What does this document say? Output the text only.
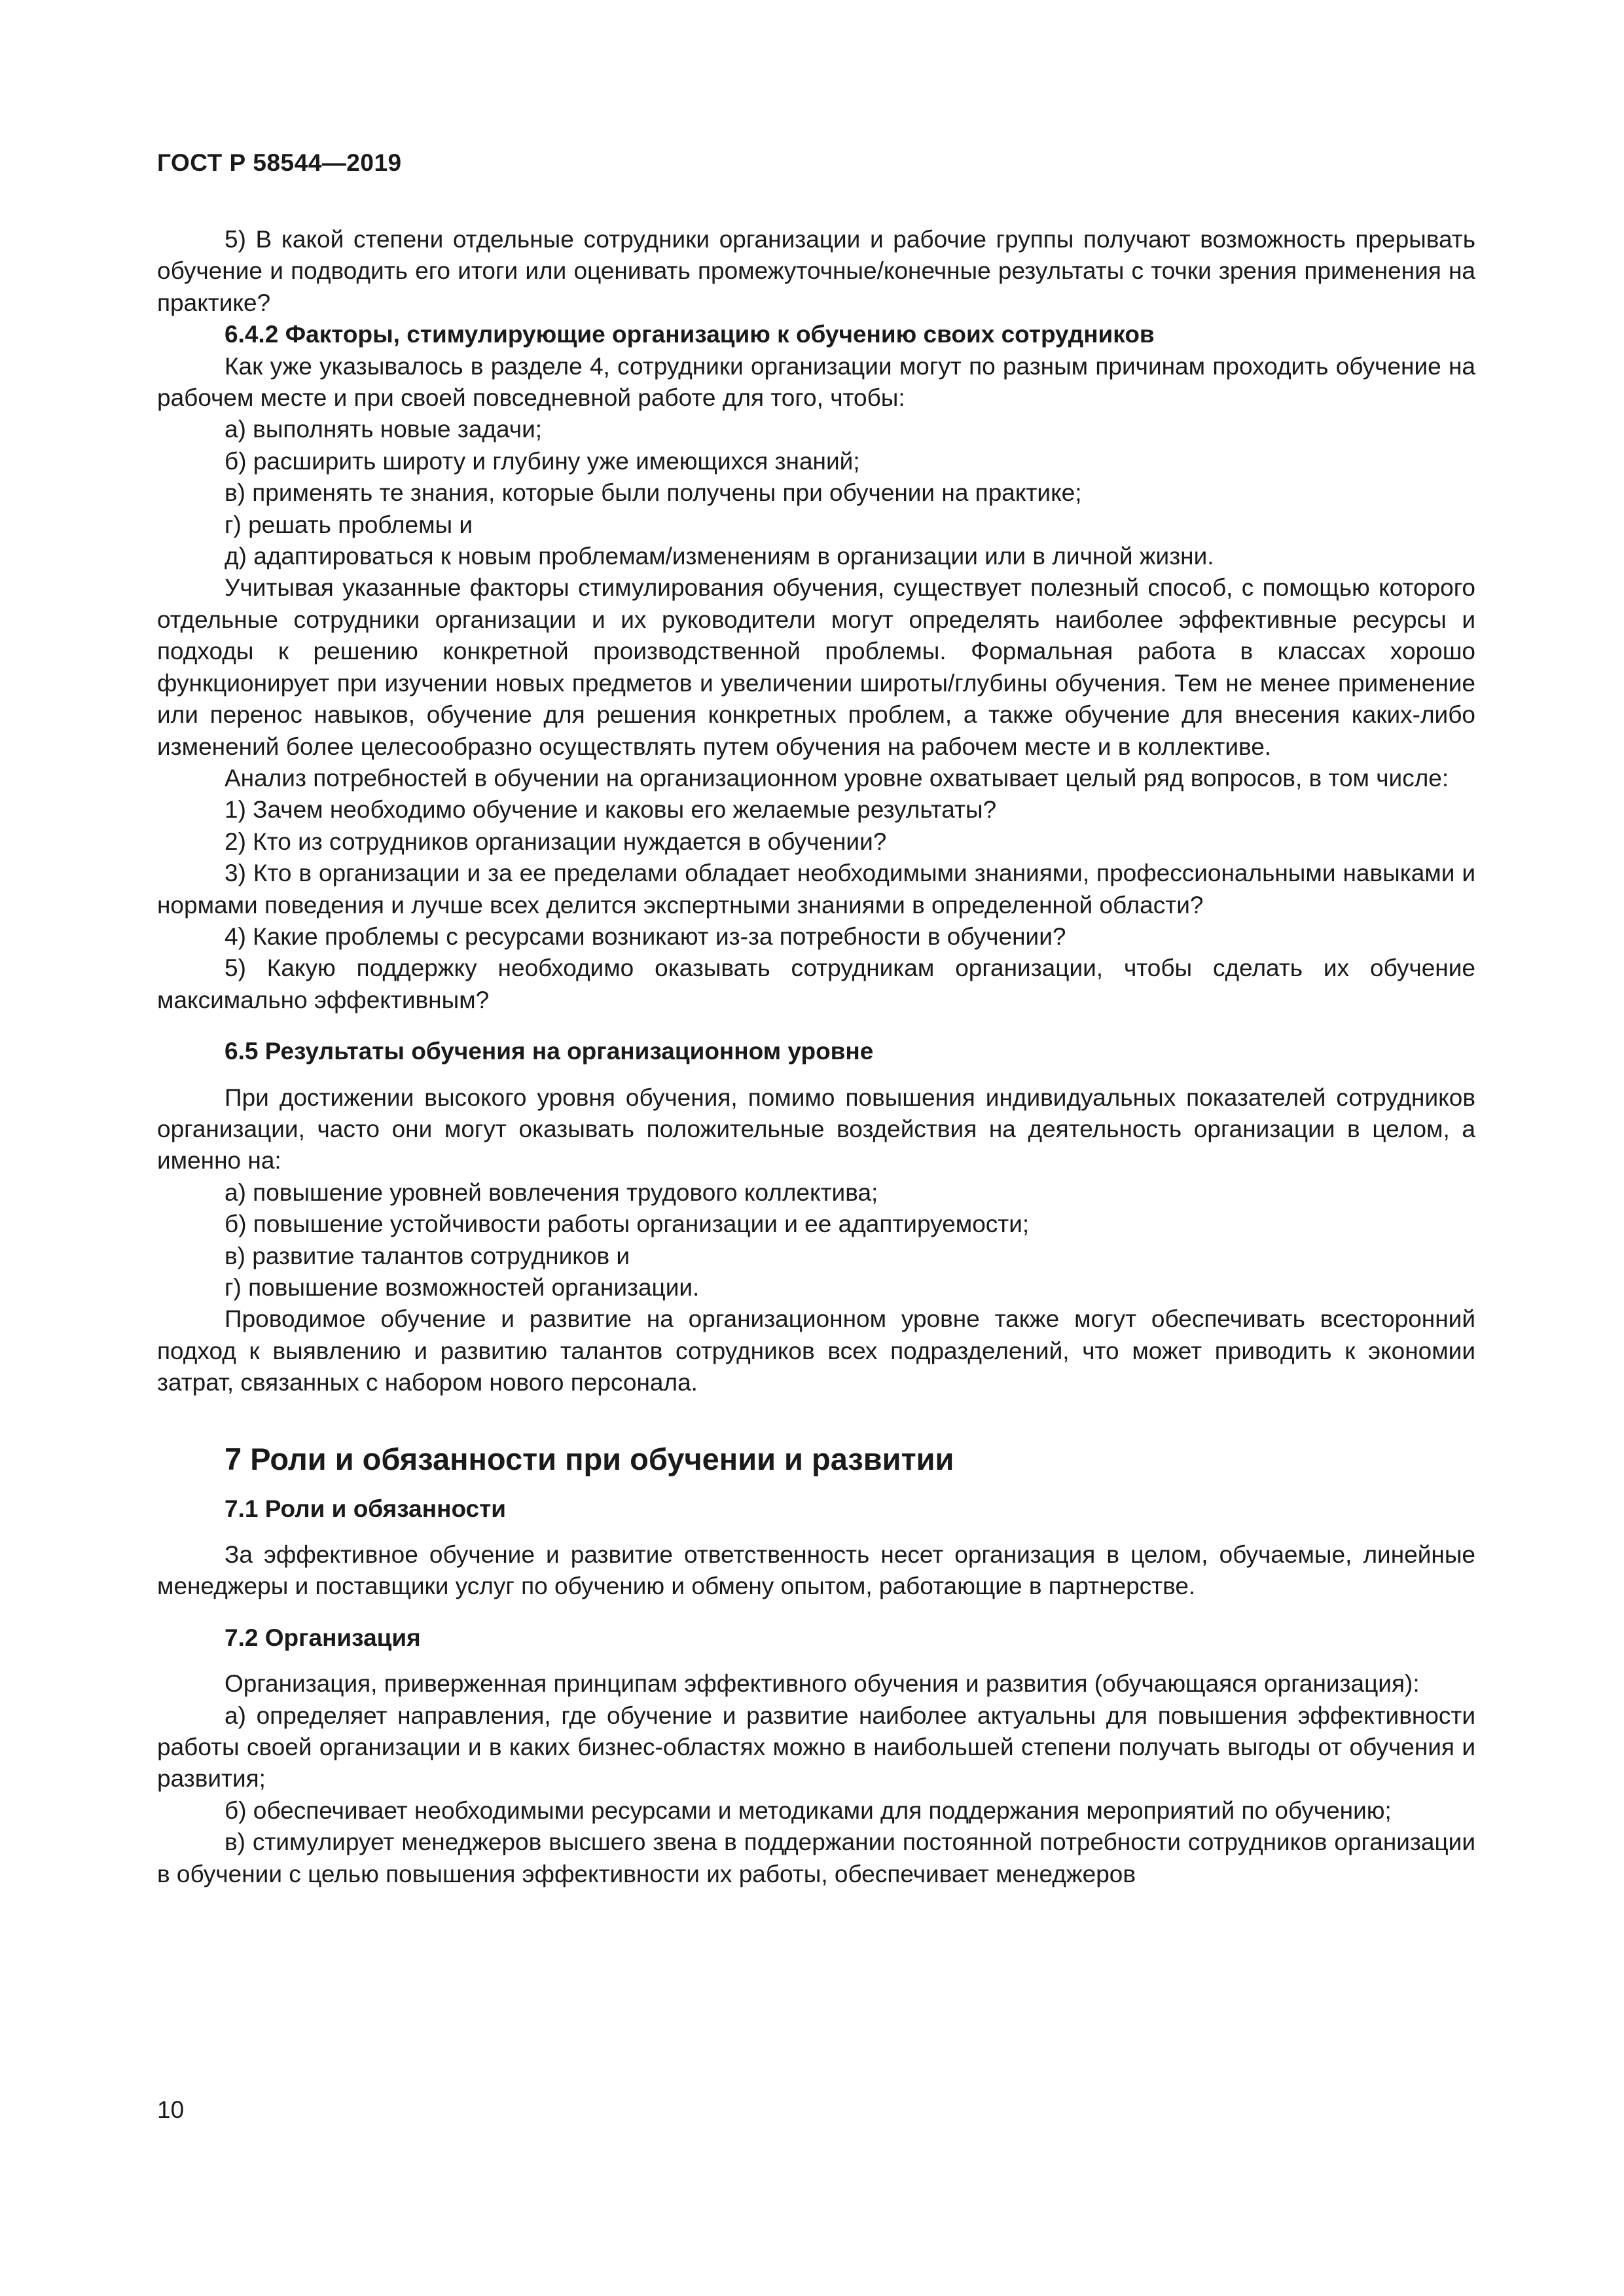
ГОСТ Р 58544—2019

5) В какой степени отдельные сотрудники организации и рабочие группы получают возможность прерывать обучение и подводить его итоги или оценивать промежуточные/конечные результаты с точки зрения применения на практике?

6.4.2 Факторы, стимулирующие организацию к обучению своих сотрудников

Как уже указывалось в разделе 4, сотрудники организации могут по разным причинам проходить обучение на рабочем месте и при своей повседневной работе для того, чтобы:

а) выполнять новые задачи;

б) расширить широту и глубину уже имеющихся знаний;

в) применять те знания, которые были получены при обучении на практике;

г) решать проблемы и

д) адаптироваться к новым проблемам/изменениям в организации или в личной жизни.

Учитывая указанные факторы стимулирования обучения, существует полезный способ, с помощью которого отдельные сотрудники организации и их руководители могут определять наиболее эффективные ресурсы и подходы к решению конкретной производственной проблемы. Формальная работа в классах хорошо функционирует при изучении новых предметов и увеличении широты/глубины обучения. Тем не менее применение или перенос навыков, обучение для решения конкретных проблем, а также обучение для внесения каких-либо изменений более целесообразно осуществлять путем обучения на рабочем месте и в коллективе.

Анализ потребностей в обучении на организационном уровне охватывает целый ряд вопросов, в том числе:

1) Зачем необходимо обучение и каковы его желаемые результаты?

2) Кто из сотрудников организации нуждается в обучении?

3) Кто в организации и за ее пределами обладает необходимыми знаниями, профессиональными навыками и нормами поведения и лучше всех делится экспертными знаниями в определенной области?

4) Какие проблемы с ресурсами возникают из-за потребности в обучении?

5) Какую поддержку необходимо оказывать сотрудникам организации, чтобы сделать их обучение максимально эффективным?

6.5 Результаты обучения на организационном уровне

При достижении высокого уровня обучения, помимо повышения индивидуальных показателей сотрудников организации, часто они могут оказывать положительные воздействия на деятельность организации в целом, а именно на:

а) повышение уровней вовлечения трудового коллектива;

б) повышение устойчивости работы организации и ее адаптируемости;

в) развитие талантов сотрудников и

г) повышение возможностей организации.

Проводимое обучение и развитие на организационном уровне также могут обеспечивать всесторонний подход к выявлению и развитию талантов сотрудников всех подразделений, что может приводить к экономии затрат, связанных с набором нового персонала.

7 Роли и обязанности при обучении и развитии

7.1 Роли и обязанности

За эффективное обучение и развитие ответственность несет организация в целом, обучаемые, линейные менеджеры и поставщики услуг по обучению и обмену опытом, работающие в партнерстве.

7.2 Организация

Организация, приверженная принципам эффективного обучения и развития (обучающаяся организация):

а) определяет направления, где обучение и развитие наиболее актуальны для повышения эффективности работы своей организации и в каких бизнес-областях можно в наибольшей степени получать выгоды от обучения и развития;

б) обеспечивает необходимыми ресурсами и методиками для поддержания мероприятий по обучению;

в) стимулирует менеджеров высшего звена в поддержании постоянной потребности сотрудников организации в обучении с целью повышения эффективности их работы, обеспечивает менеджеров

10
